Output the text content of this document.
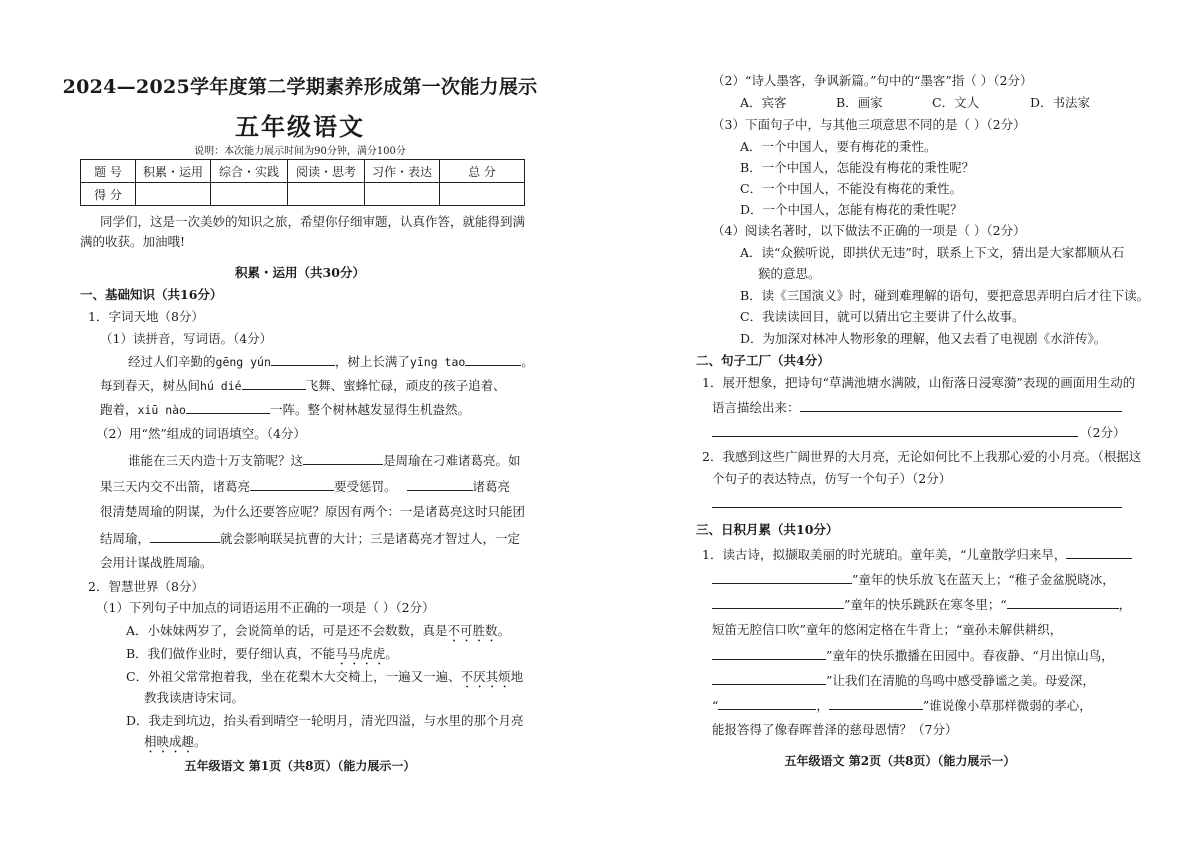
2024—2025学年度第二学期素养形成第一次能力展示
五年级语文
说明：本次能力展示时间为90分钟，满分100分
题 号	积累・运用	综合・实践	阅读・思考	习作・表达	总 分
得 分					
同学们，这是一次美妙的知识之旅，希望你仔细审题，认真作答，就能得到满
满的收获。加油哦!
积累・运用（共30分）
一、基础知识（共16分）
1．字词天地（8分）
（1）读拼音，写词语。（4分）
经过人们辛勤的gēng yún	，树上长满了yīng tao	。
每到春天，树丛间hú dié	飞舞、蜜蜂忙碌，顽皮的孩子追着、
跑着，xiū nào	一阵。整个树林越发显得生机盎然。
（2）用“然”组成的词语填空。（4分）
谁能在三天内造十万支箭呢？这	是周瑜在刁难诸葛亮。如
果三天内交不出箭，诸葛亮	要受惩罚。	诸葛亮
很清楚周瑜的阴谋，为什么还要答应呢？原因有两个：一是诸葛亮这时只能团
结周瑜，	就会影响联吴抗曹的大计；三是诸葛亮才智过人，一定
会用计谋战胜周瑜。
2．智慧世界（8分）
（1）下列句子中加点的词语运用不正确的一项是（ ）（2分）
A．小妹妹两岁了，会说简单的话，可是还不会数数，真是不可胜数。
B．我们做作业时，要仔细认真，不能马马虎虎。
C．外祖父常常抱着我，坐在花梨木大交椅上，一遍又一遍、不厌其烦地
教我读唐诗宋词。
D．我走到坑边，抬头看到晴空一轮明月，清光四溢，与水里的那个月亮
相映成趣。
五年级语文 第1页（共8页）（能力展示一）
（2）“诗人墨客，争讽新篇。”句中的“墨客”指（ ）（2分）
A．宾客	B．画家	C．文人	D．书法家
（3）下面句子中，与其他三项意思不同的是（ ）（2分）
A．一个中国人，要有梅花的秉性。
B．一个中国人，怎能没有梅花的秉性呢？
C．一个中国人，不能没有梅花的秉性。
D．一个中国人，怎能有梅花的秉性呢？
（4）阅读名著时，以下做法不正确的一项是（ ）（2分）
A．读“众猴听说，即拱伏无违”时，联系上下文，猜出是大家都顺从石
猴的意思。
B．读《三国演义》时，碰到难理解的语句，要把意思弄明白后才往下读。
C．我读读回目，就可以猜出它主要讲了什么故事。
D．为加深对林冲人物形象的理解，他又去看了电视剧《水浒传》。
二、句子工厂（共4分）
1．展开想象，把诗句“草满池塘水满陂，山衔落日浸寒漪”表现的画面用生动的
语言描绘出来：
（2分）
2．我感到这些广阔世界的大月亮，无论如何比不上我那心爱的小月亮。（根据这
个句子的表达特点，仿写一个句子）（2分）
三、日积月累（共10分）
1．读古诗，拟撷取美丽的时光琥珀。童年美，“儿童散学归来早，
”童年的快乐放飞在蓝天上；“稚子金盆脱晓冰，
”童年的快乐跳跃在寒冬里；“	，
短笛无腔信口吹”童年的悠闲定格在牛背上；“童孙未解供耕织，
”童年的快乐撒播在田园中。春夜静、“月出惊山鸟，
”让我们在清脆的鸟鸣中感受静谧之美。母爱深，
“	，	”谁说像小草那样微弱的孝心，
能报答得了像春晖普泽的慈母恩情？（7分）
五年级语文 第2页（共8页）（能力展示一）
